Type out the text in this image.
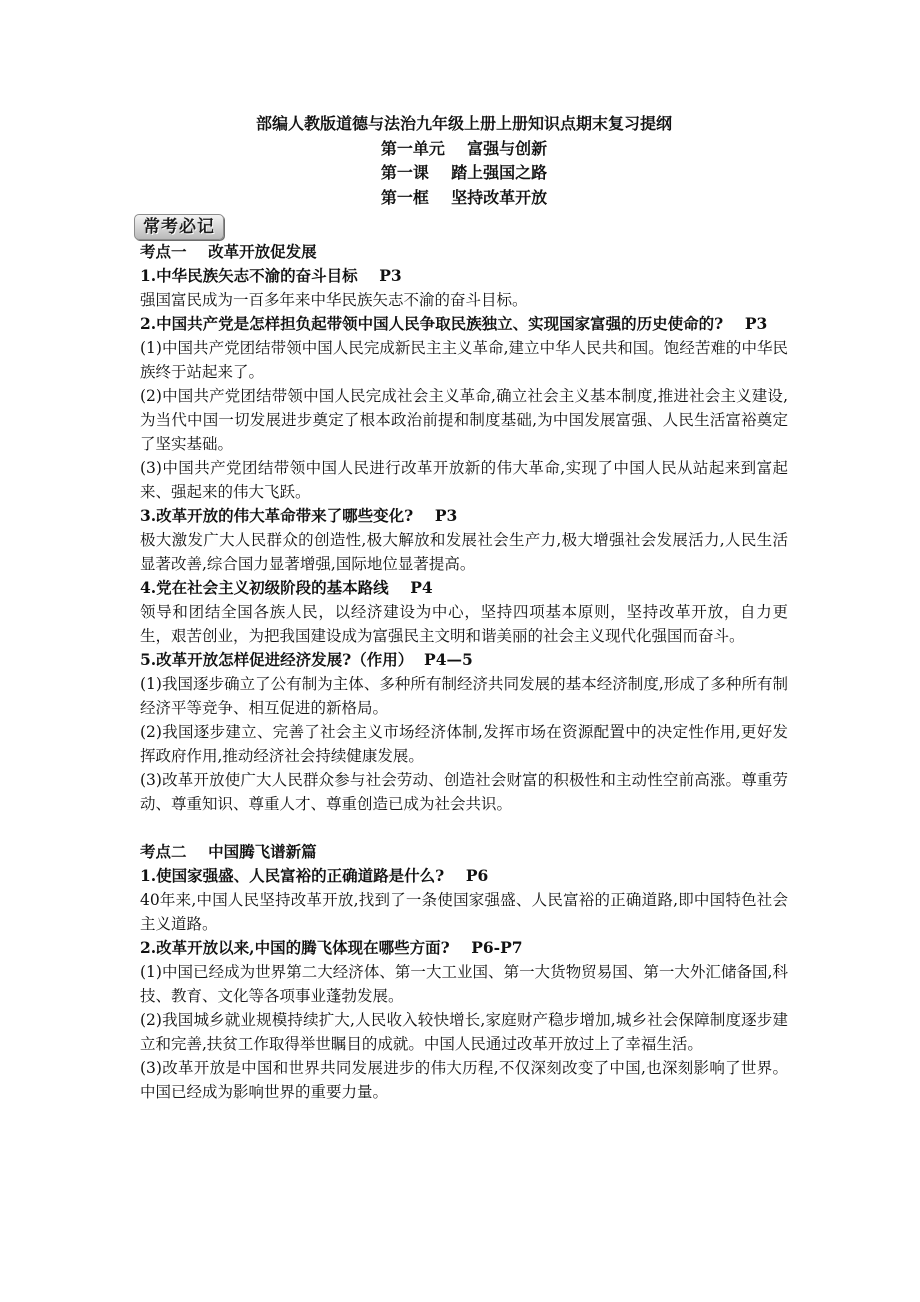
部编人教版道德与法治九年级上册上册知识点期末复习提纲
第一单元    富强与创新
第一课    踏上强国之路
第一框    坚持改革开放
常考必记
考点一    改革开放促发展
1.中华民族矢志不渝的奋斗目标    P3

强国富民成为一百多年来中华民族矢志不渝的奋斗目标。

2.中国共产党是怎样担负起带领中国人民争取民族独立、实现国家富强的历史使命的?    P3

(1)中国共产党团结带领中国人民完成新民主主义革命,建立中华人民共和国。饱经苦难的中华民族终于站起来了。

(2)中国共产党团结带领中国人民完成社会主义革命,确立社会主义基本制度,推进社会主义建设,为当代中国一切发展进步奠定了根本政治前提和制度基础,为中国发展富强、人民生活富裕奠定了坚实基础。

(3)中国共产党团结带领中国人民进行改革开放新的伟大革命,实现了中国人民从站起来到富起来、强起来的伟大飞跃。

3.改革开放的伟大革命带来了哪些变化?    P3

极大激发广大人民群众的创造性,极大解放和发展社会生产力,极大增强社会发展活力,人民生活显著改善,综合国力显著增强,国际地位显著提高。

4.党在社会主义初级阶段的基本路线    P4

领导和团结全国各族人民，以经济建设为中心，坚持四项基本原则，坚持改革开放，自力更生，艰苦创业，为把我国建设成为富强民主文明和谐美丽的社会主义现代化强国而奋斗。

5.改革开放怎样促进经济发展?（作用）  P4—5

(1)我国逐步确立了公有制为主体、多种所有制经济共同发展的基本经济制度,形成了多种所有制经济平等竞争、相互促进的新格局。

(2)我国逐步建立、完善了社会主义市场经济体制,发挥市场在资源配置中的决定性作用,更好发挥政府作用,推动经济社会持续健康发展。

(3)改革开放使广大人民群众参与社会劳动、创造社会财富的积极性和主动性空前高涨。尊重劳动、尊重知识、尊重人才、尊重创造已成为社会共识。

考点二    中国腾飞谱新篇
1.使国家强盛、人民富裕的正确道路是什么?    P6

40年来,中国人民坚持改革开放,找到了一条使国家强盛、人民富裕的正确道路,即中国特色社会主义道路。

2.改革开放以来,中国的腾飞体现在哪些方面?    P6-P7

(1)中国已经成为世界第二大经济体、第一大工业国、第一大货物贸易国、第一大外汇储备国,科技、教育、文化等各项事业蓬勃发展。

(2)我国城乡就业规模持续扩大,人民收入较快增长,家庭财产稳步增加,城乡社会保障制度逐步建立和完善,扶贫工作取得举世瞩目的成就。中国人民通过改革开放过上了幸福生活。

(3)改革开放是中国和世界共同发展进步的伟大历程,不仅深刻改变了中国,也深刻影响了世界。中国已经成为影响世界的重要力量。
